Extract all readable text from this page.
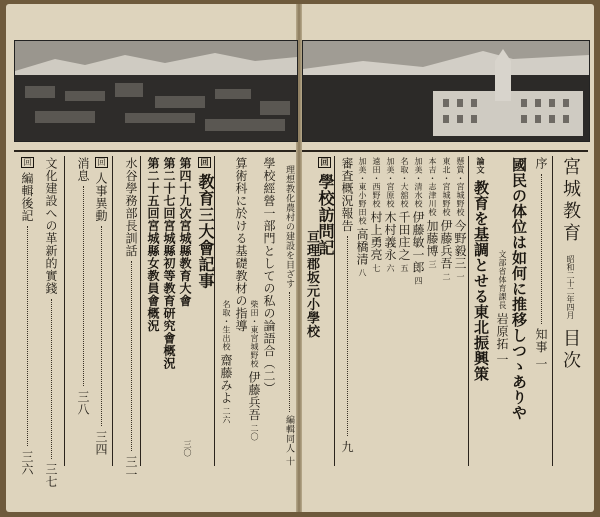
宮城教育 昭和二十二年四月 目次
序  知事 一
國民の体位は如何に推移しつゝありや
文部省体育課長 岩原拓 一
論文 教育を基調とせる東北振興策
懸賞・宮城野校 今野毅三 一
東北・宮城野校 伊藤兵吾 二
本吉・志津川校 加藤博 三
加美・清水校 伊藤敏一郎 四
名取・大舘校 千田庄之 五
加美・宮原校 木村義永 六
遠田・西野校 村上勇亮 七
加美・東小野田校 高橋清 八
審査概況報告  九
回 學校訪問記
亘理郡坂元小學校
理想教化農村の建設を目ざす  編輯同人 十
學校經營一部門としての私の論語合（二）
柴田・東宮城野校 伊藤兵吾 二〇
算術科に於ける基礎教材の指導
名取・生出校 齋藤みよ 二六
回 教育三大會記事
第四十九次宮城縣教育大會
第二十七回宮城縣初等教育研究會概況
第二十五回宮城縣女教員會概況
三〇
水谷學務部長訓話  三一
回 人事異動  三四
消息  三八
文化建設への革新的實錢  三七
回 編輯後記  三六
